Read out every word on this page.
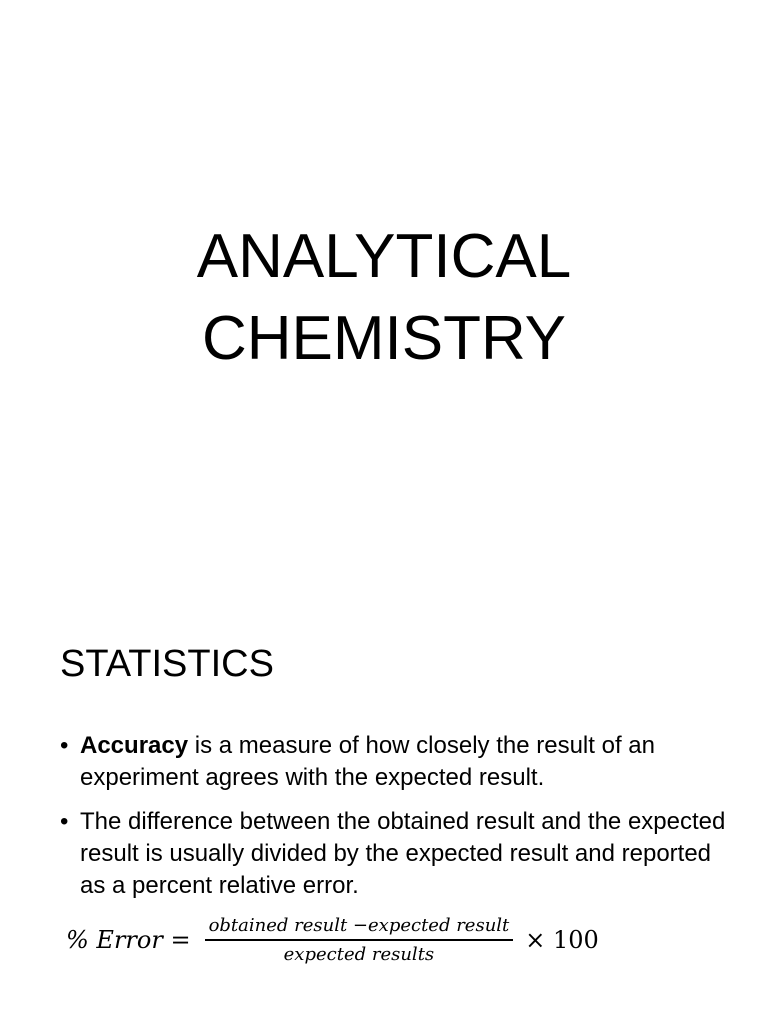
ANALYTICAL
CHEMISTRY
STATISTICS
• Accuracy is a measure of how closely the result of an experiment agrees with the expected result.
• The difference between the obtained result and the expected result is usually divided by the expected result and reported as a percent relative error.
% Error = $\frac{\text{obtained result −expected result}}{\text{expected results}} \times 100$
